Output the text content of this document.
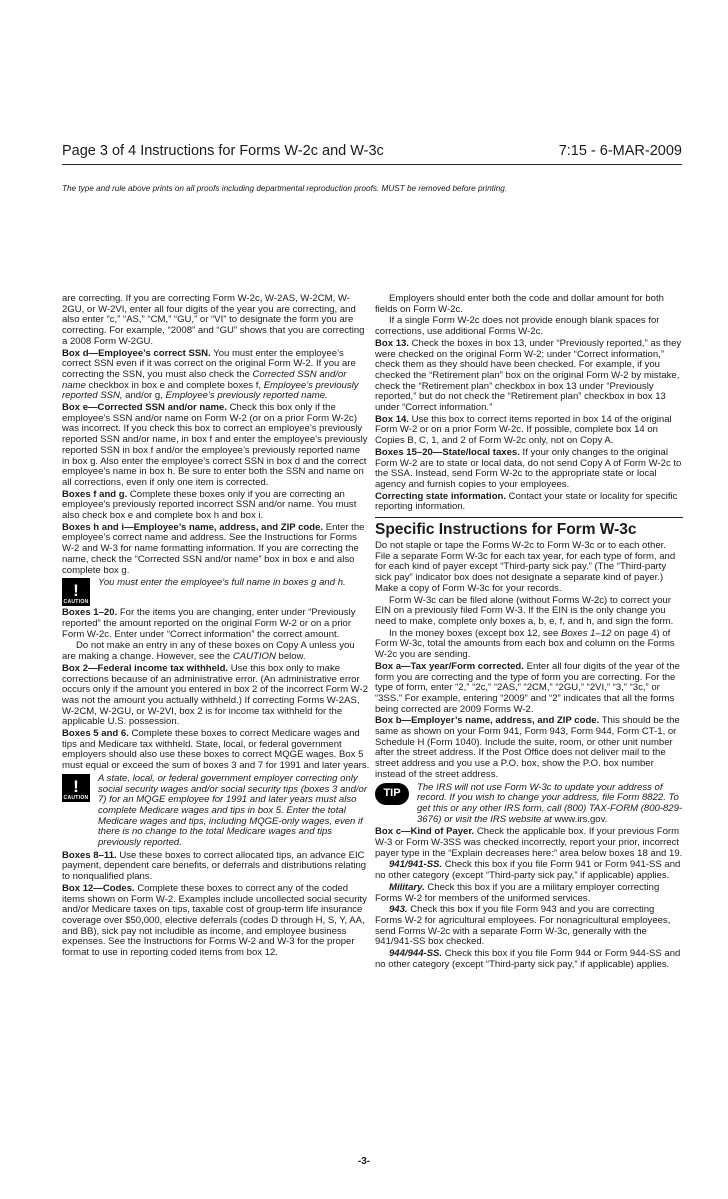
Page 3 of 4 Instructions for Forms W-2c and W-3c	7:15 - 6-MAR-2009
The type and rule above prints on all proofs including departmental reproduction proofs. MUST be removed before printing.

are correcting. If you are correcting Form W-2c, W-2AS, W-2CM, W-2GU, or W-2VI, enter all four digits of the year you are correcting, and also enter “c,” “AS,” “CM,” “GU,” or “VI” to designate the form you are correcting. For example, “2008” and “GU” shows that you are correcting a 2008 Form W-2GU.

Box d—Employee’s correct SSN. You must enter the employee’s correct SSN even if it was correct on the original Form W-2. If you are correcting the SSN, you must also check the Corrected SSN and/or name checkbox in box e and complete boxes f, Employee’s previously reported SSN, and/or g, Employee’s previously reported name.

Box e—Corrected SSN and/or name. Check this box only if the employee’s SSN and/or name on Form W-2 (or on a prior Form W-2c) was incorrect. If you check this box to correct an employee’s previously reported SSN and/or name, in box f and enter the employee’s previously reported SSN in box f and/or the employee’s previously reported name in box g. Also enter the employee’s correct SSN in box d and the correct employee’s name in box h. Be sure to enter both the SSN and name on all corrections, even if only one item is corrected.

Boxes f and g. Complete these boxes only if you are correcting an employee’s previously reported incorrect SSN and/or name. You must also check box e and complete box h and box i.

Boxes h and i—Employee’s name, address, and ZIP code. Enter the employee’s correct name and address. See the Instructions for Forms W-2 and W-3 for name formatting information. If you are correcting the name, check the “Corrected SSN and/or name” box in box e and also complete box g.

!
CAUTION
You must enter the employee’s full name in boxes g and h.

Boxes 1–20. For the items you are changing, enter under “Previously reported” the amount reported on the original Form W-2 or on a prior Form W-2c. Enter under “Correct information” the correct amount.

Do not make an entry in any of these boxes on Copy A unless you are making a change. However, see the CAUTION below.

Box 2—Federal income tax withheld. Use this box only to make corrections because of an administrative error. (An administrative error occurs only if the amount you entered in box 2 of the incorrect Form W-2 was not the amount you actually withheld.) If correcting Forms W-2AS, W-2CM, W-2GU, or W-2VI, box 2 is for income tax withheld for the applicable U.S. possession.

Boxes 5 and 6. Complete these boxes to correct Medicare wages and tips and Medicare tax withheld. State, local, or federal government employers should also use these boxes to correct MQGE wages. Box 5 must equal or exceed the sum of boxes 3 and 7 for 1991 and later years.

!
CAUTION
A state, local, or federal government employer correcting only social security wages and/or social security tips (boxes 3 and/or 7) for an MQGE employee for 1991 and later years must also complete Medicare wages and tips in box 5. Enter the total Medicare wages and tips, including MQGE-only wages, even if there is no change to the total Medicare wages and tips previously reported.

Boxes 8–11. Use these boxes to correct allocated tips, an advance EIC payment, dependent care benefits, or deferrals and distributions relating to nonqualified plans.

Box 12—Codes. Complete these boxes to correct any of the coded items shown on Form W-2. Examples include uncollected social security and/or Medicare taxes on tips, taxable cost of group-term life insurance coverage over $50,000, elective deferrals (codes D through H, S, Y, AA, and BB), sick pay not includible as income, and employee business expenses. See the Instructions for Forms W-2 and W-3 for the proper format to use in reporting coded items from box 12.

Employers should enter both the code and dollar amount for both fields on Form W-2c.

If a single Form W-2c does not provide enough blank spaces for corrections, use additional Forms W-2c.

Box 13. Check the boxes in box 13, under “Previously reported,” as they were checked on the original Form W-2; under “Correct information,” check them as they should have been checked. For example, if you checked the “Retirement plan” box on the original Form W-2 by mistake, check the “Retirement plan” checkbox in box 13 under “Previously reported,” but do not check the “Retirement plan” checkbox in box 13 under “Correct information.”

Box 14. Use this box to correct items reported in box 14 of the original Form W-2 or on a prior Form W-2c. If possible, complete box 14 on Copies B, C, 1, and 2 of Form W-2c only, not on Copy A.

Boxes 15–20—State/local taxes. If your only changes to the original Form W-2 are to state or local data, do not send Copy A of Form W-2c to the SSA. Instead, send Form W-2c to the appropriate state or local agency and furnish copies to your employees.

Correcting state information. Contact your state or locality for specific reporting information.

Specific Instructions for Form W-3c

Do not staple or tape the Forms W-2c to Form W-3c or to each other. File a separate Form W-3c for each tax year, for each type of form, and for each kind of payer except “Third-party sick pay.” (The “Third-party sick pay” indicator box does not designate a separate kind of payer.) Make a copy of Form W-3c for your records.

Form W-3c can be filed alone (without Forms W-2c) to correct your EIN on a previously filed Form W-3. If the EIN is the only change you need to make, complete only boxes a, b, e, f, and h, and sign the form.

In the money boxes (except box 12, see Boxes 1–12 on page 4) of Form W-3c, total the amounts from each box and column on the Forms W-2c you are sending.

Box a—Tax year/Form corrected. Enter all four digits of the year of the form you are correcting and the type of form you are correcting. For the type of form, enter “2,” “2c,” “2AS,” “2CM,” “2GU,” “2VI,” “3,” “3c,” or “3SS.” For example, entering “2009” and “2” indicates that all the forms being corrected are 2009 Forms W-2.

Box b—Employer’s name, address, and ZIP code. This should be the same as shown on your Form 941, Form 943, Form 944, Form CT-1, or Schedule H (Form 1040). Include the suite, room, or other unit number after the street address. If the Post Office does not deliver mail to the street address and you use a P.O. box, show the P.O. box number instead of the street address.

TIP
The IRS will not use Form W-3c to update your address of record. If you wish to change your address, file Form 8822. To get this or any other IRS form, call (800) TAX-FORM (800-829-3676) or visit the IRS website at www.irs.gov.

Box c—Kind of Payer. Check the applicable box. If your previous Form W-3 or Form W-3SS was checked incorrectly, report your prior, incorrect payer type in the “Explain decreases here:” area below boxes 18 and 19.

941/941-SS. Check this box if you file Form 941 or Form 941-SS and no other category (except “Third-party sick pay,” if applicable) applies.

Military. Check this box if you are a military employer correcting Forms W-2 for members of the uniformed services.

943. Check this box if you file Form 943 and you are correcting Forms W-2 for agricultural employees. For nonagricultural employees, send Forms W-2c with a separate Form W-3c, generally with the 941/941-SS box checked.

944/944-SS. Check this box if you file Form 944 or Form 944-SS and no other category (except “Third-party sick pay,” if applicable) applies.

-3-
